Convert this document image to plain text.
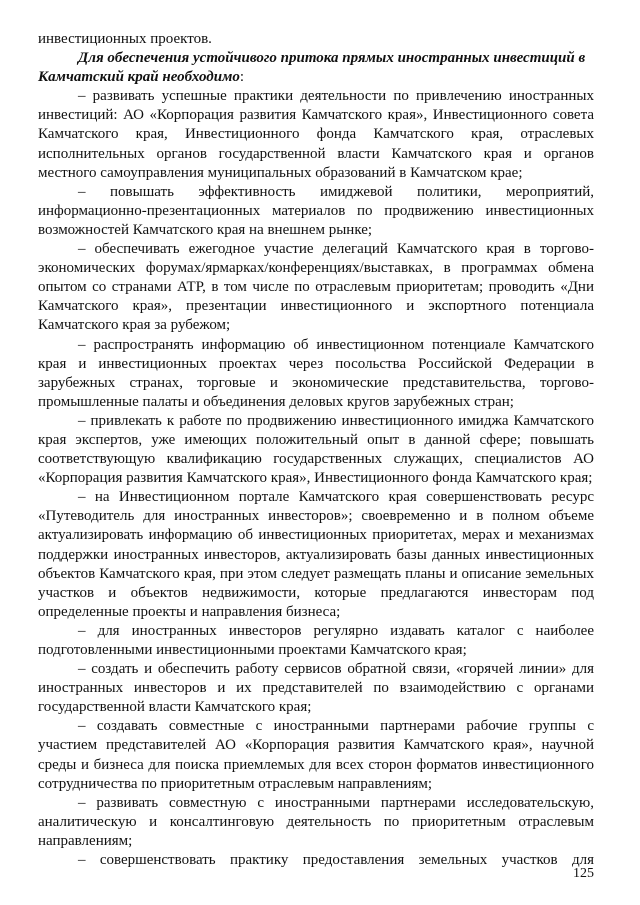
инвестиционных проектов.

Для обеспечения устойчивого притока прямых иностранных инвестиций в Камчатский край необходимо:

– развивать успешные практики деятельности по привлечению иностранных инвестиций: АО «Корпорация развития Камчатского края», Инвестиционного совета Камчатского края, Инвестиционного фонда Камчатского края, отраслевых исполнительных органов государственной власти Камчатского края и органов местного самоуправления муниципальных образований в Камчатском крае;

– повышать эффективность имиджевой политики, мероприятий, информационно-презентационных материалов по продвижению инвестиционных возможностей Камчатского края на внешнем рынке;

– обеспечивать ежегодное участие делегаций Камчатского края в торгово-экономических форумах/ярмарках/конференциях/выставках, в программах обмена опытом со странами АТР, в том числе по отраслевым приоритетам; проводить «Дни Камчатского края», презентации инвестиционного и экспортного потенциала Камчатского края за рубежом;

– распространять информацию об инвестиционном потенциале Камчатского края и инвестиционных проектах через посольства Российской Федерации в зарубежных странах, торговые и экономические представительства, торгово-промышленные палаты и объединения деловых кругов зарубежных стран;

– привлекать к работе по продвижению инвестиционного имиджа Камчатского края экспертов, уже имеющих положительный опыт в данной сфере; повышать соответствующую квалификацию государственных служащих, специалистов АО «Корпорация развития Камчатского края», Инвестиционного фонда Камчатского края;

– на Инвестиционном портале Камчатского края совершенствовать ресурс «Путеводитель для иностранных инвесторов»; своевременно и в полном объеме актуализировать информацию об инвестиционных приоритетах, мерах и механизмах поддержки иностранных инвесторов, актуализировать базы данных инвестиционных объектов Камчатского края, при этом следует размещать планы и описание земельных участков и объектов недвижимости, которые предлагаются инвесторам под определенные проекты и направления бизнеса;

– для иностранных инвесторов регулярно издавать каталог с наиболее подготовленными инвестиционными проектами Камчатского края;

– создать и обеспечить работу сервисов обратной связи, «горячей линии» для иностранных инвесторов и их представителей по взаимодействию с органами государственной власти Камчатского края;

– создавать совместные с иностранными партнерами рабочие группы с участием представителей АО «Корпорация развития Камчатского края», научной среды и бизнеса для поиска приемлемых для всех сторон форматов инвестиционного сотрудничества по приоритетным отраслевым направлениям;

– развивать совместную с иностранными партнерами исследовательскую, аналитическую и консалтинговую деятельность по приоритетным отраслевым направлениям;

– совершенствовать практику предоставления земельных участков для

125
